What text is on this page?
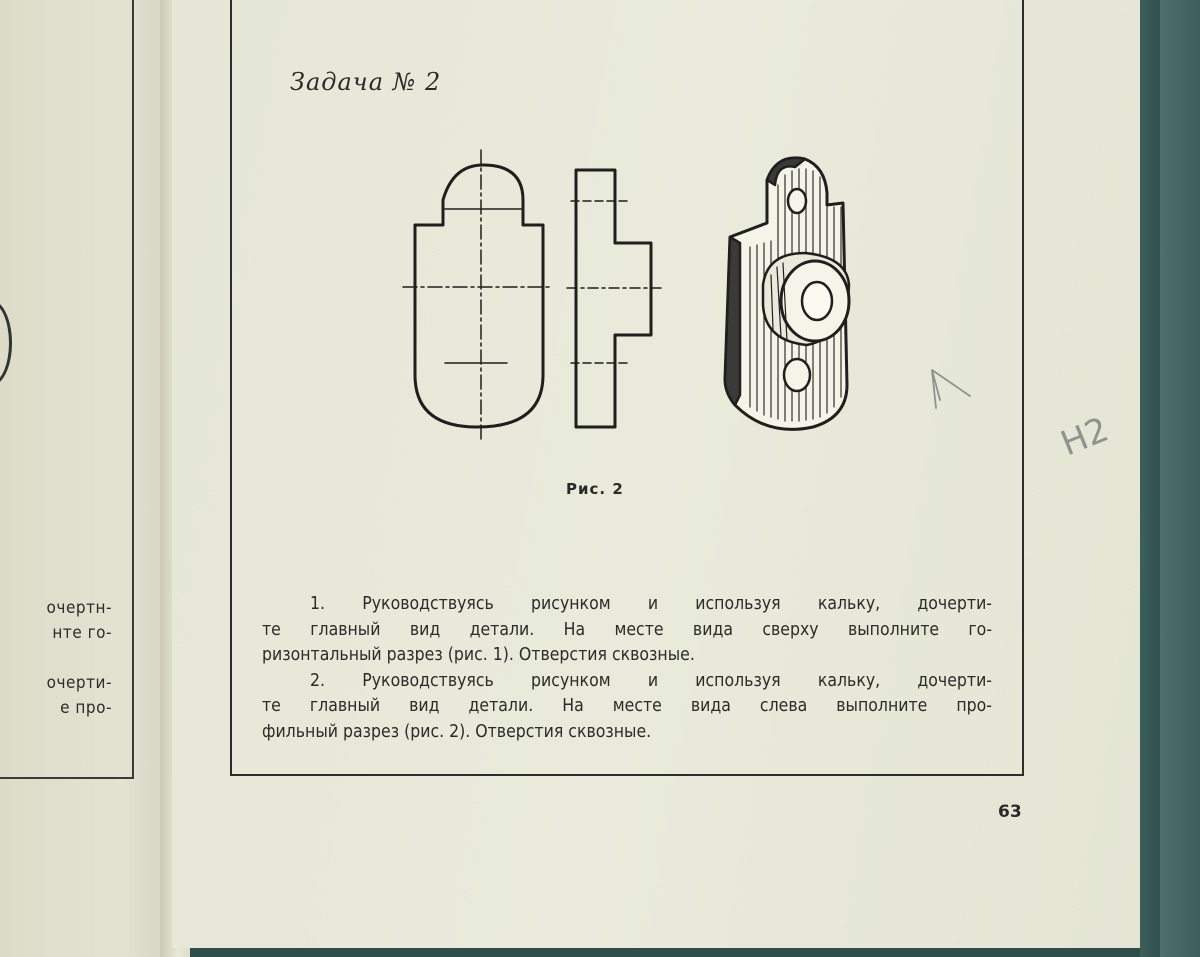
очертн-
нте го-

очерти-
е про-
Задача № 2
Рис. 2
1. Руководствуясь рисунком и используя кальку, дочерти-
те главный вид детали. На месте вида сверху выполните го-
ризонтальный разрез (рис. 1). Отверстия сквозные.
2. Руководствуясь рисунком и используя кальку, дочерти-
те главный вид детали. На месте вида слева выполните про-
фильный разрез (рис. 2). Отверстия сквозные.
63
Н2
